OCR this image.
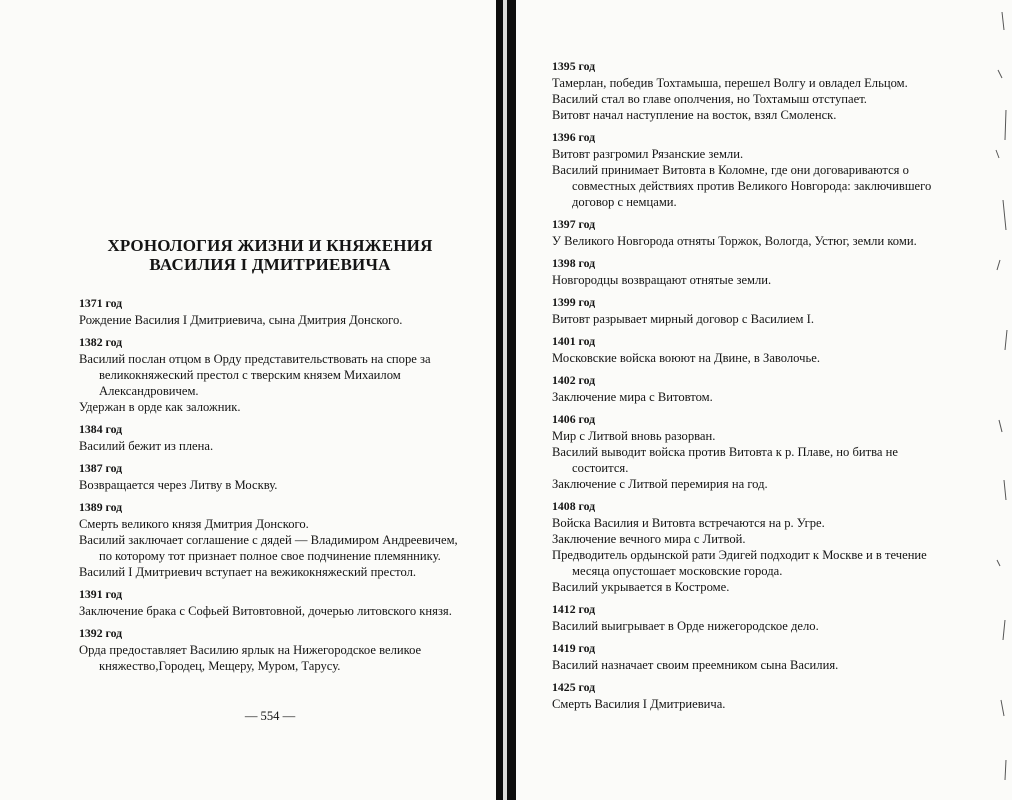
ХРОНОЛОГИЯ ЖИЗНИ И КНЯЖЕНИЯ ВАСИЛИЯ I ДМИТРИЕВИЧА
1371 год
Рождение Василия I Дмитриевича, сына Дмитрия Донского.
1382 год
Василий послан отцом в Орду представительствовать на споре за великокняжеский престол с тверским князем Михаилом Александровичем.
Удержан в орде как заложник.
1384 год
Василий бежит из плена.
1387 год
Возвращается через Литву в Москву.
1389 год
Смерть великого князя Дмитрия Донского.
Василий заключает соглашение с дядей — Владимиром Андреевичем, по которому тот признает полное свое подчинение племяннику.
Василий I Дмитриевич вступает на вежикокняжеский престол.
1391 год
Заключение брака с Софьей Витовтовной, дочерью литовского князя.
1392 год
Орда предоставляет Василию ярлык на Нижегородское великое княжество,Городец, Мещеру, Муром, Тарусу.
1395 год
Тамерлан, победив Тохтамыша, перешел Волгу и овладел Ельцом.
Василий стал во главе ополчения, но Тохтамыш отступает.
Витовт начал наступление на восток, взял Смоленск.
1396 год
Витовт разгромил Рязанские земли.
Василий принимает Витовта в Коломне, где они договариваются о совместных действиях против Великого Новгорода: заключившего договор с немцами.
1397 год
У Великого Новгорода отняты Торжок, Вологда, Устюг, земли коми.
1398 год
Новгородцы возвращают отнятые земли.
1399 год
Витовт разрывает мирный договор с Василием I.
1401 год
Московские войска воюют на Двине, в Заволочье.
1402 год
Заключение мира с Витовтом.
1406 год
Мир с Литвой вновь разорван.
Василий выводит войска против Витовта к р. Плаве, но битва не состоится.
Заключение с Литвой перемирия на год.
1408 год
Войска Василия и Витовта встречаются на р. Угре.
Заключение вечного мира с Литвой.
Предводитель ордынской рати Эдигей подходит к Москве и в течение месяца опустошает московские города.
Василий укрывается в Костроме.
1412 год
Василий выигрывает в Орде нижегородское дело.
1419 год
Василий назначает своим преемником сына Василия.
1425 год
Смерть Василия I Дмитриевича.
— 554 —
